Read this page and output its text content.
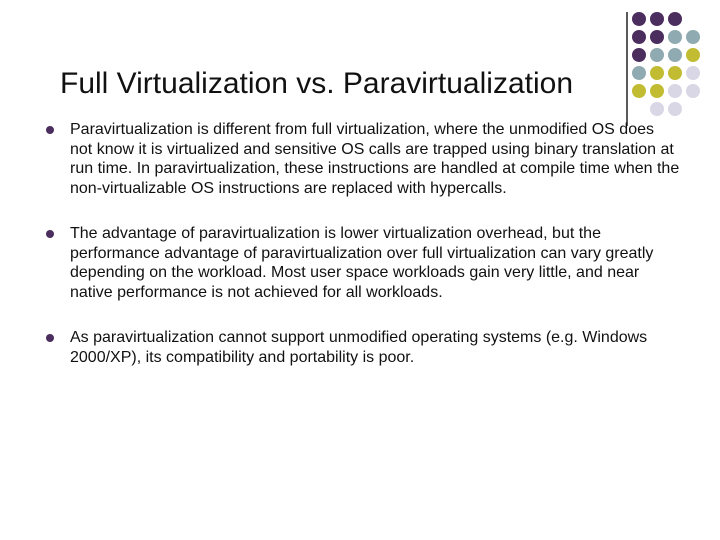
Full Virtualization vs. Paravirtualization
Paravirtualization is different from full virtualization, where the unmodified OS does not know it is virtualized and sensitive OS calls are trapped using binary translation at run time. In paravirtualization, these instructions are handled at compile time when the non-virtualizable OS instructions are replaced with hypercalls.
The advantage of paravirtualization is lower virtualization overhead, but the performance advantage of paravirtualization over full virtualization can vary greatly depending on the workload. Most user space workloads gain very little, and near native performance is not achieved for all workloads.
As paravirtualization cannot support unmodified operating systems (e.g. Windows 2000/XP), its compatibility and portability is poor.
